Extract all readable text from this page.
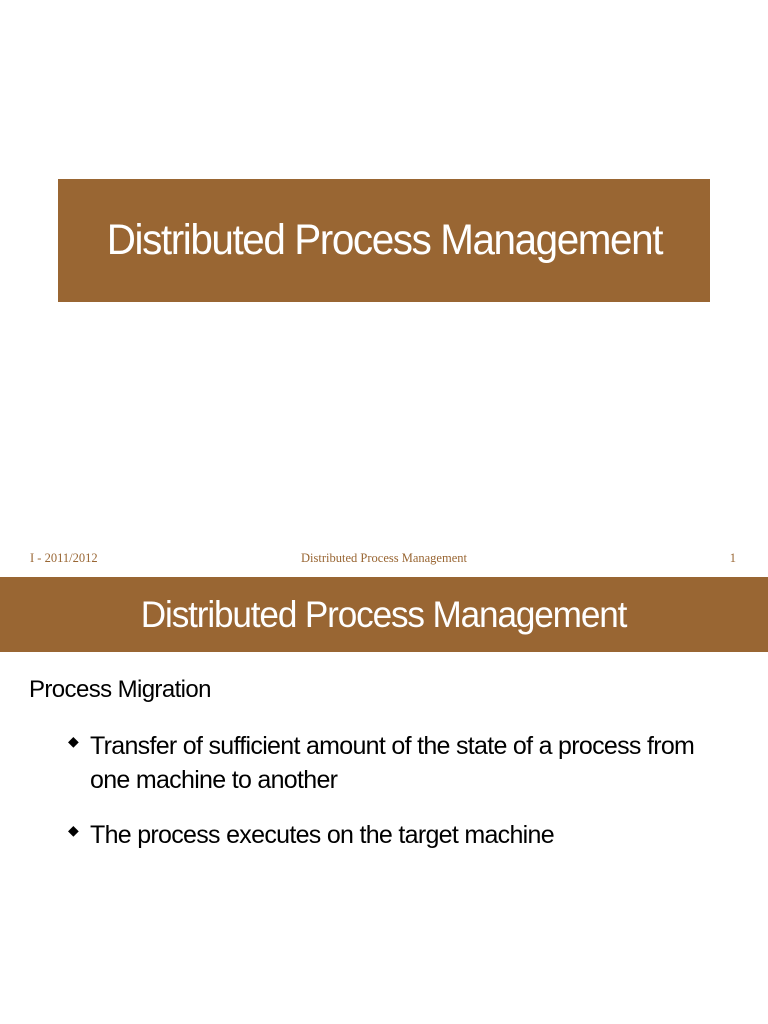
Distributed Process Management
I - 2011/2012	Distributed Process Management	1
Distributed Process Management
Process Migration
◆ Transfer of sufficient amount of the state of a process from one machine to another
◆ The process executes on the target machine
